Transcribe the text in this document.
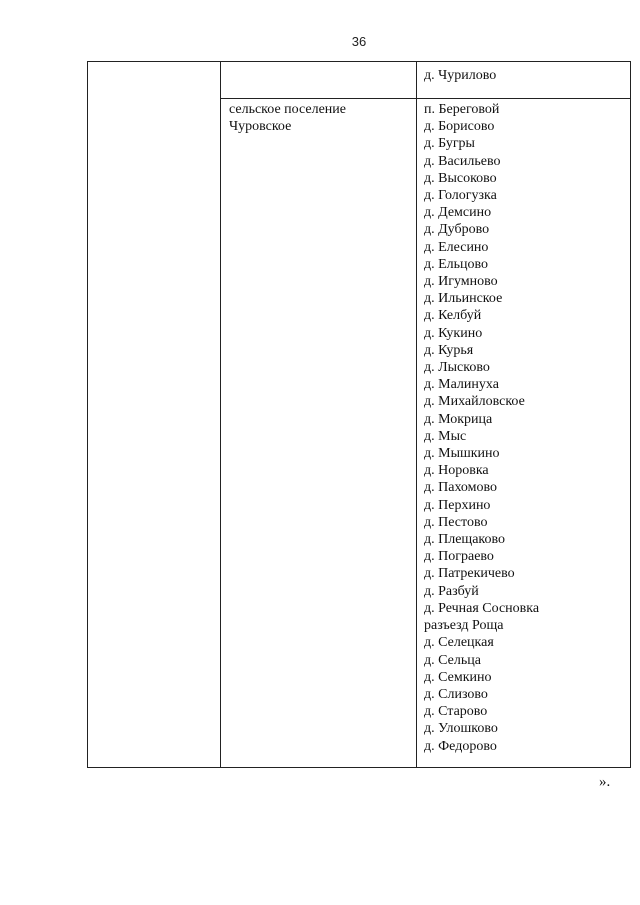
36
д. Чурилово
сельское поселение
Чуровское
п. Береговой
д. Борисово
д. Бугры
д. Васильево
д. Высоково
д. Гологузка
д. Демсино
д. Дуброво
д. Елесино
д. Ельцово
д. Игумново
д. Ильинское
д. Келбуй
д. Кукино
д. Курья
д. Лысково
д. Малинуха
д. Михайловское
д. Мокрица
д. Мыс
д. Мышкино
д. Норовка
д. Пахомово
д. Перхино
д. Пестово
д. Плещаково
д. Пограево
д. Патрекичево
д. Разбуй
д. Речная Сосновка
разъезд Роща
д. Селецкая
д. Сельца
д. Семкино
д. Слизово
д. Старово
д. Улошково
д. Федорово
».
